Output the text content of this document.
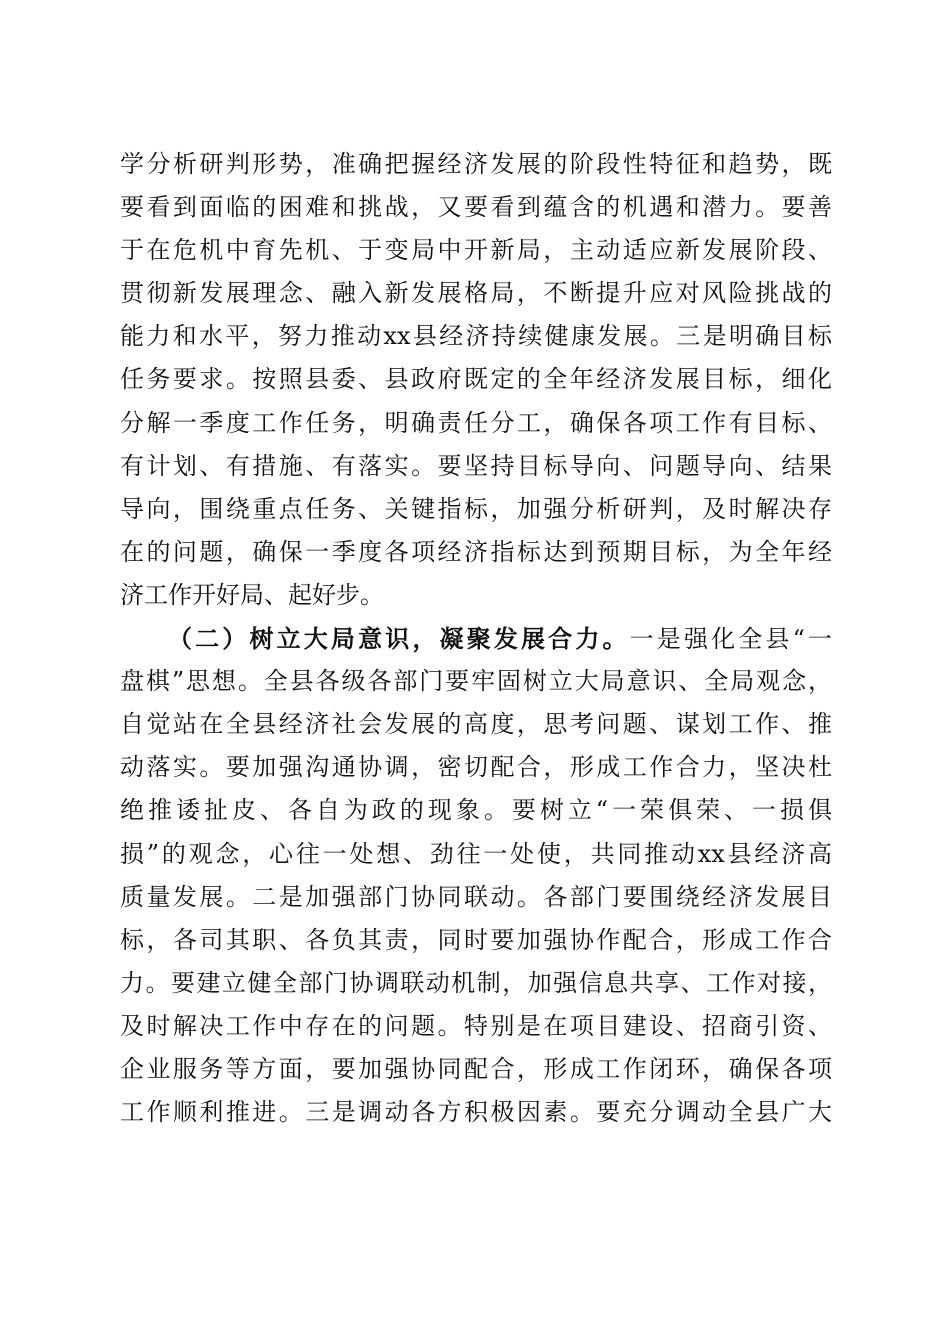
学分析研判形势，准确把握经济发展的阶段性特征和趋势，既
要看到面临的困难和挑战，又要看到蕴含的机遇和潜力。要善
于在危机中育先机、于变局中开新局，主动适应新发展阶段、
贯彻新发展理念、融入新发展格局，不断提升应对风险挑战的
能力和水平，努力推动xx县经济持续健康发展。三是明确目标
任务要求。按照县委、县政府既定的全年经济发展目标，细化
分解一季度工作任务，明确责任分工，确保各项工作有目标、
有计划、有措施、有落实。要坚持目标导向、问题导向、结果
导向，围绕重点任务、关键指标，加强分析研判，及时解决存
在的问题，确保一季度各项经济指标达到预期目标，为全年经
济工作开好局、起好步。
（二）树立大局意识，凝聚发展合力。一是强化全县“一
盘棋”思想。全县各级各部门要牢固树立大局意识、全局观念，
自觉站在全县经济社会发展的高度，思考问题、谋划工作、推
动落实。要加强沟通协调，密切配合，形成工作合力，坚决杜
绝推诿扯皮、各自为政的现象。要树立“一荣俱荣、一损俱
损”的观念，心往一处想、劲往一处使，共同推动xx县经济高
质量发展。二是加强部门协同联动。各部门要围绕经济发展目
标，各司其职、各负其责，同时要加强协作配合，形成工作合
力。要建立健全部门协调联动机制，加强信息共享、工作对接，
及时解决工作中存在的问题。特别是在项目建设、招商引资、
企业服务等方面，要加强协同配合，形成工作闭环，确保各项
工作顺利推进。三是调动各方积极因素。要充分调动全县广大
